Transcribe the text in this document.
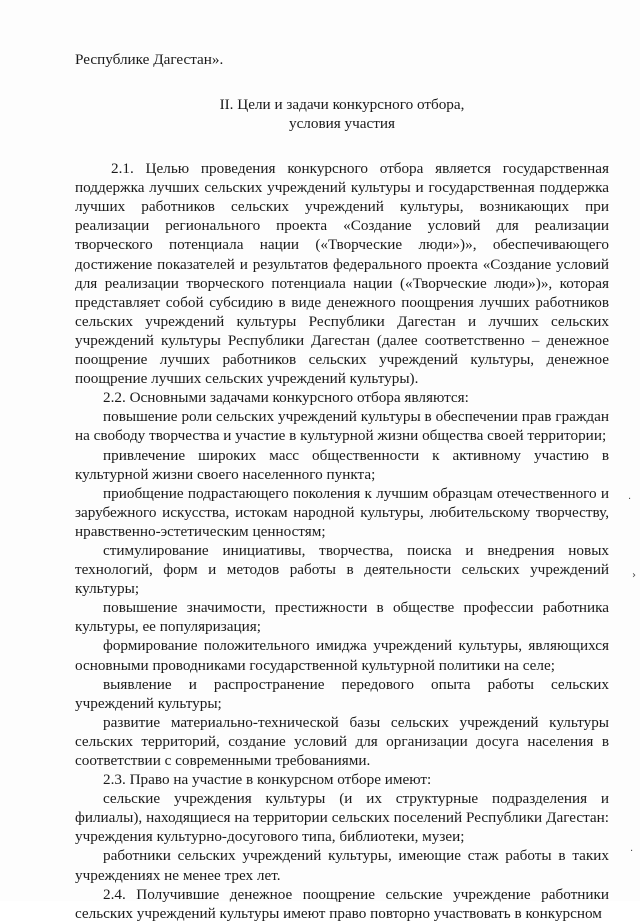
Республике Дагестан».

II. Цели и задачи конкурсного отбора,
условия участия

2.1. Целью проведения конкурсного отбора является государственная поддержка лучших сельских учреждений культуры и государственная поддержка лучших работников сельских учреждений культуры, возникающих при реализации регионального проекта «Создание условий для реализации творческого потенциала нации («Творческие люди»)», обеспечивающего достижение показателей и результатов федерального проекта «Создание условий для реализации творческого потенциала нации («Творческие люди»)», которая представляет собой субсидию в виде денежного поощрения лучших работников сельских учреждений культуры Республики Дагестан и лучших сельских учреждений культуры Республики Дагестан (далее соответственно – денежное поощрение лучших работников сельских учреждений культуры, денежное поощрение лучших сельских учреждений культуры).

2.2. Основными задачами конкурсного отбора являются:

повышение роли сельских учреждений культуры в обеспечении прав граждан на свободу творчества и участие в культурной жизни общества своей территории;

привлечение широких масс общественности к активному участию в культурной жизни своего населенного пункта;

приобщение подрастающего поколения к лучшим образцам отечественного и зарубежного искусства, истокам народной культуры, любительскому творчеству, нравственно-эстетическим ценностям;

стимулирование инициативы, творчества, поиска и внедрения новых технологий, форм и методов работы в деятельности сельских учреждений культуры;

повышение значимости, престижности в обществе профессии работника культуры, ее популяризация;

формирование положительного имиджа учреждений культуры, являющихся основными проводниками государственной культурной политики на селе;

выявление и распространение передового опыта работы сельских учреждений культуры;

развитие материально-технической базы сельских учреждений культуры сельских территорий, создание условий для организации досуга населения в соответствии с современными требованиями.

2.3. Право на участие в конкурсном отборе имеют:

сельские учреждения культуры (и их структурные подразделения и филиалы), находящиеся на территории сельских поселений Республики Дагестан: учреждения культурно-досугового типа, библиотеки, музеи;

работники сельских учреждений культуры, имеющие стаж работы в таких учреждениях не менее трех лет.

2.4. Получившие денежное поощрение сельские учреждение работники сельских учреждений культуры имеют право повторно участвовать в конкурсном

·
›
·
